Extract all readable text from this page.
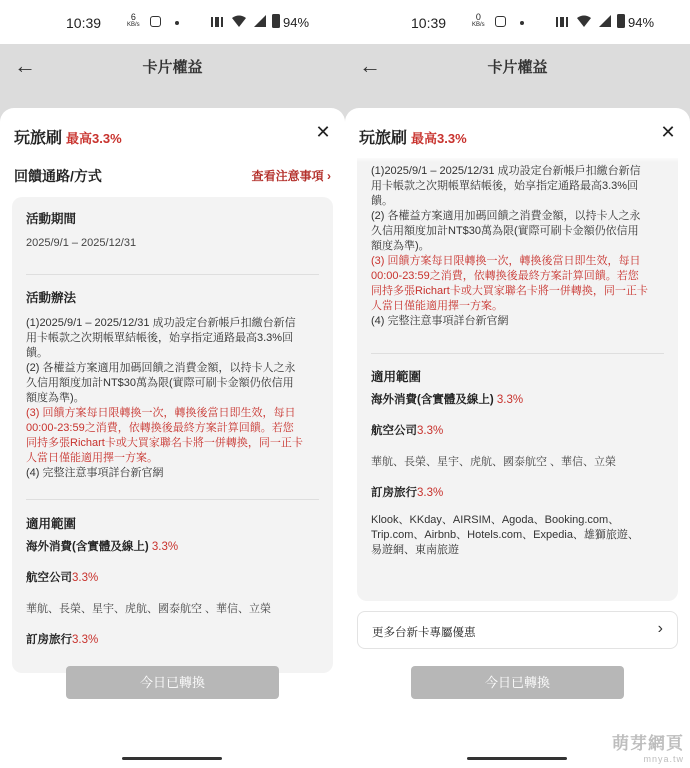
10:39	6
KB/s	94%
←	卡片權益
玩旅刷 最高3.3%	✕
回饋通路/方式	查看注意事項 ›
活動期間
2025/9/1 – 2025/12/31
活動辦法
(1)2025/9/1 – 2025/12/31 成功設定台新帳戶扣繳台新信
用卡帳款之次期帳單結帳後，始享指定通路最高3.3%回
饋。
(2) 各權益方案適用加碼回饋之消費金額，以持卡人之永
久信用額度加計NT$30萬為限(實際可刷卡金額仍依信用
額度為準)。
(3) 回饋方案每日限轉換一次，轉換後當日即生效，每日
00:00-23:59之消費，依轉換後最終方案計算回饋。若您
同持多張Richart卡或大買家聯名卡將一併轉換，同一正卡
人當日僅能適用擇一方案。
(4) 完整注意事項詳台新官網
適用範圍
海外消費(含實體及線上) 3.3%
航空公司3.3%
華航、長榮、星宇、虎航、國泰航空 、華信、立榮
訂房旅行3.3%
今日已轉換
10:39	0
KB/s	94%
←	卡片權益
玩旅刷 最高3.3%	✕
(1)2025/9/1 – 2025/12/31 成功設定台新帳戶扣繳台新信
用卡帳款之次期帳單結帳後，始享指定通路最高3.3%回
饋。
(2) 各權益方案適用加碼回饋之消費金額，以持卡人之永
久信用額度加計NT$30萬為限(實際可刷卡金額仍依信用
額度為準)。
(3) 回饋方案每日限轉換一次，轉換後當日即生效，每日
00:00-23:59之消費，依轉換後最終方案計算回饋。若您
同持多張Richart卡或大買家聯名卡將一併轉換，同一正卡
人當日僅能適用擇一方案。
(4) 完整注意事項詳台新官網
適用範圍
海外消費(含實體及線上) 3.3%
航空公司3.3%
華航、長榮、星宇、虎航、國泰航空 、華信、立榮
訂房旅行3.3%
Klook、KKday、AIRSIM、Agoda、Booking.com、
Trip.com、Airbnb、Hotels.com、Expedia、雄獅旅遊、
易遊網、東南旅遊
更多台新卡專屬優惠	›
今日已轉換
萌芽網頁
mnya.tw
